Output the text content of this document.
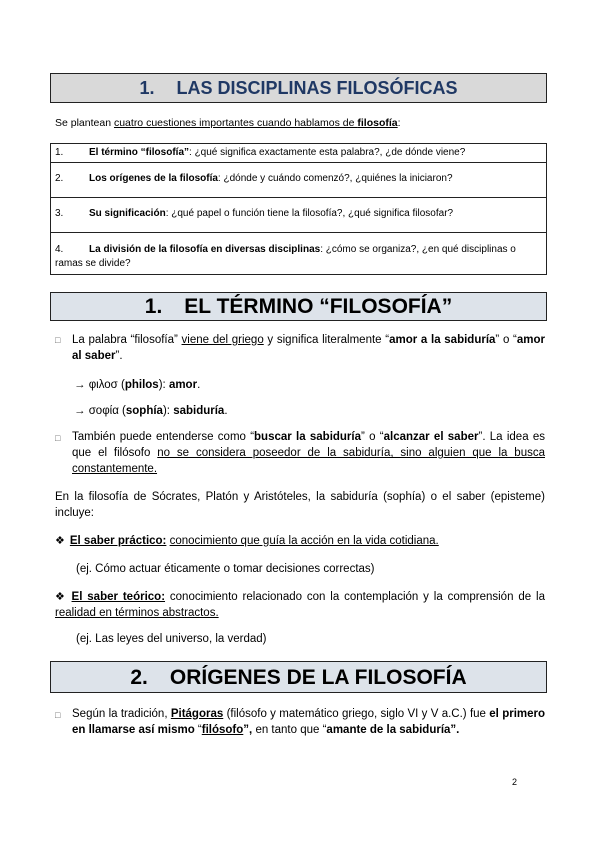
1. LAS DISCIPLINAS FILOSÓFICAS
Se plantean cuatro cuestiones importantes cuando hablamos de filosofía:
1.	El término “filosofía”: ¿qué significa exactamente esta palabra?, ¿de dónde viene?
2.	Los orígenes de la filosofía: ¿dónde y cuándo comenzó?, ¿quiénes la iniciaron?
3.	Su significación: ¿qué papel o función tiene la filosofía?, ¿qué significa filosofar?
4.	La división de la filosofía en diversas disciplinas: ¿cómo se organiza?, ¿en qué disciplinas o ramas se divide?
1. EL TÉRMINO “FILOSOFÍA”
□ La palabra “filosofía” viene del griego y significa literalmente “amor a la sabiduría” o “amor al saber”.
→ φιλοσ (philos): amor.
→ σοφία (sophía): sabiduría.
□ También puede entenderse como “buscar la sabiduría” o “alcanzar el saber”. La idea es que el filósofo no se considera poseedor de la sabiduría, sino alguien que la busca constantemente.
En la filosofía de Sócrates, Platón y Aristóteles, la sabiduría (sophía) o el saber (episteme) incluye:
❖ El saber práctico: conocimiento que guía la acción en la vida cotidiana.
(ej. Cómo actuar éticamente o tomar decisiones correctas)
❖ El saber teórico: conocimiento relacionado con la contemplación y la comprensión de la realidad en términos abstractos.
(ej. Las leyes del universo, la verdad)
2. ORÍGENES DE LA FILOSOFÍA
□ Según la tradición, Pitágoras (filósofo y matemático griego, siglo VI y V a.C.) fue el primero en llamarse así mismo “filósofo”, en tanto que “amante de la sabiduría”.
2
